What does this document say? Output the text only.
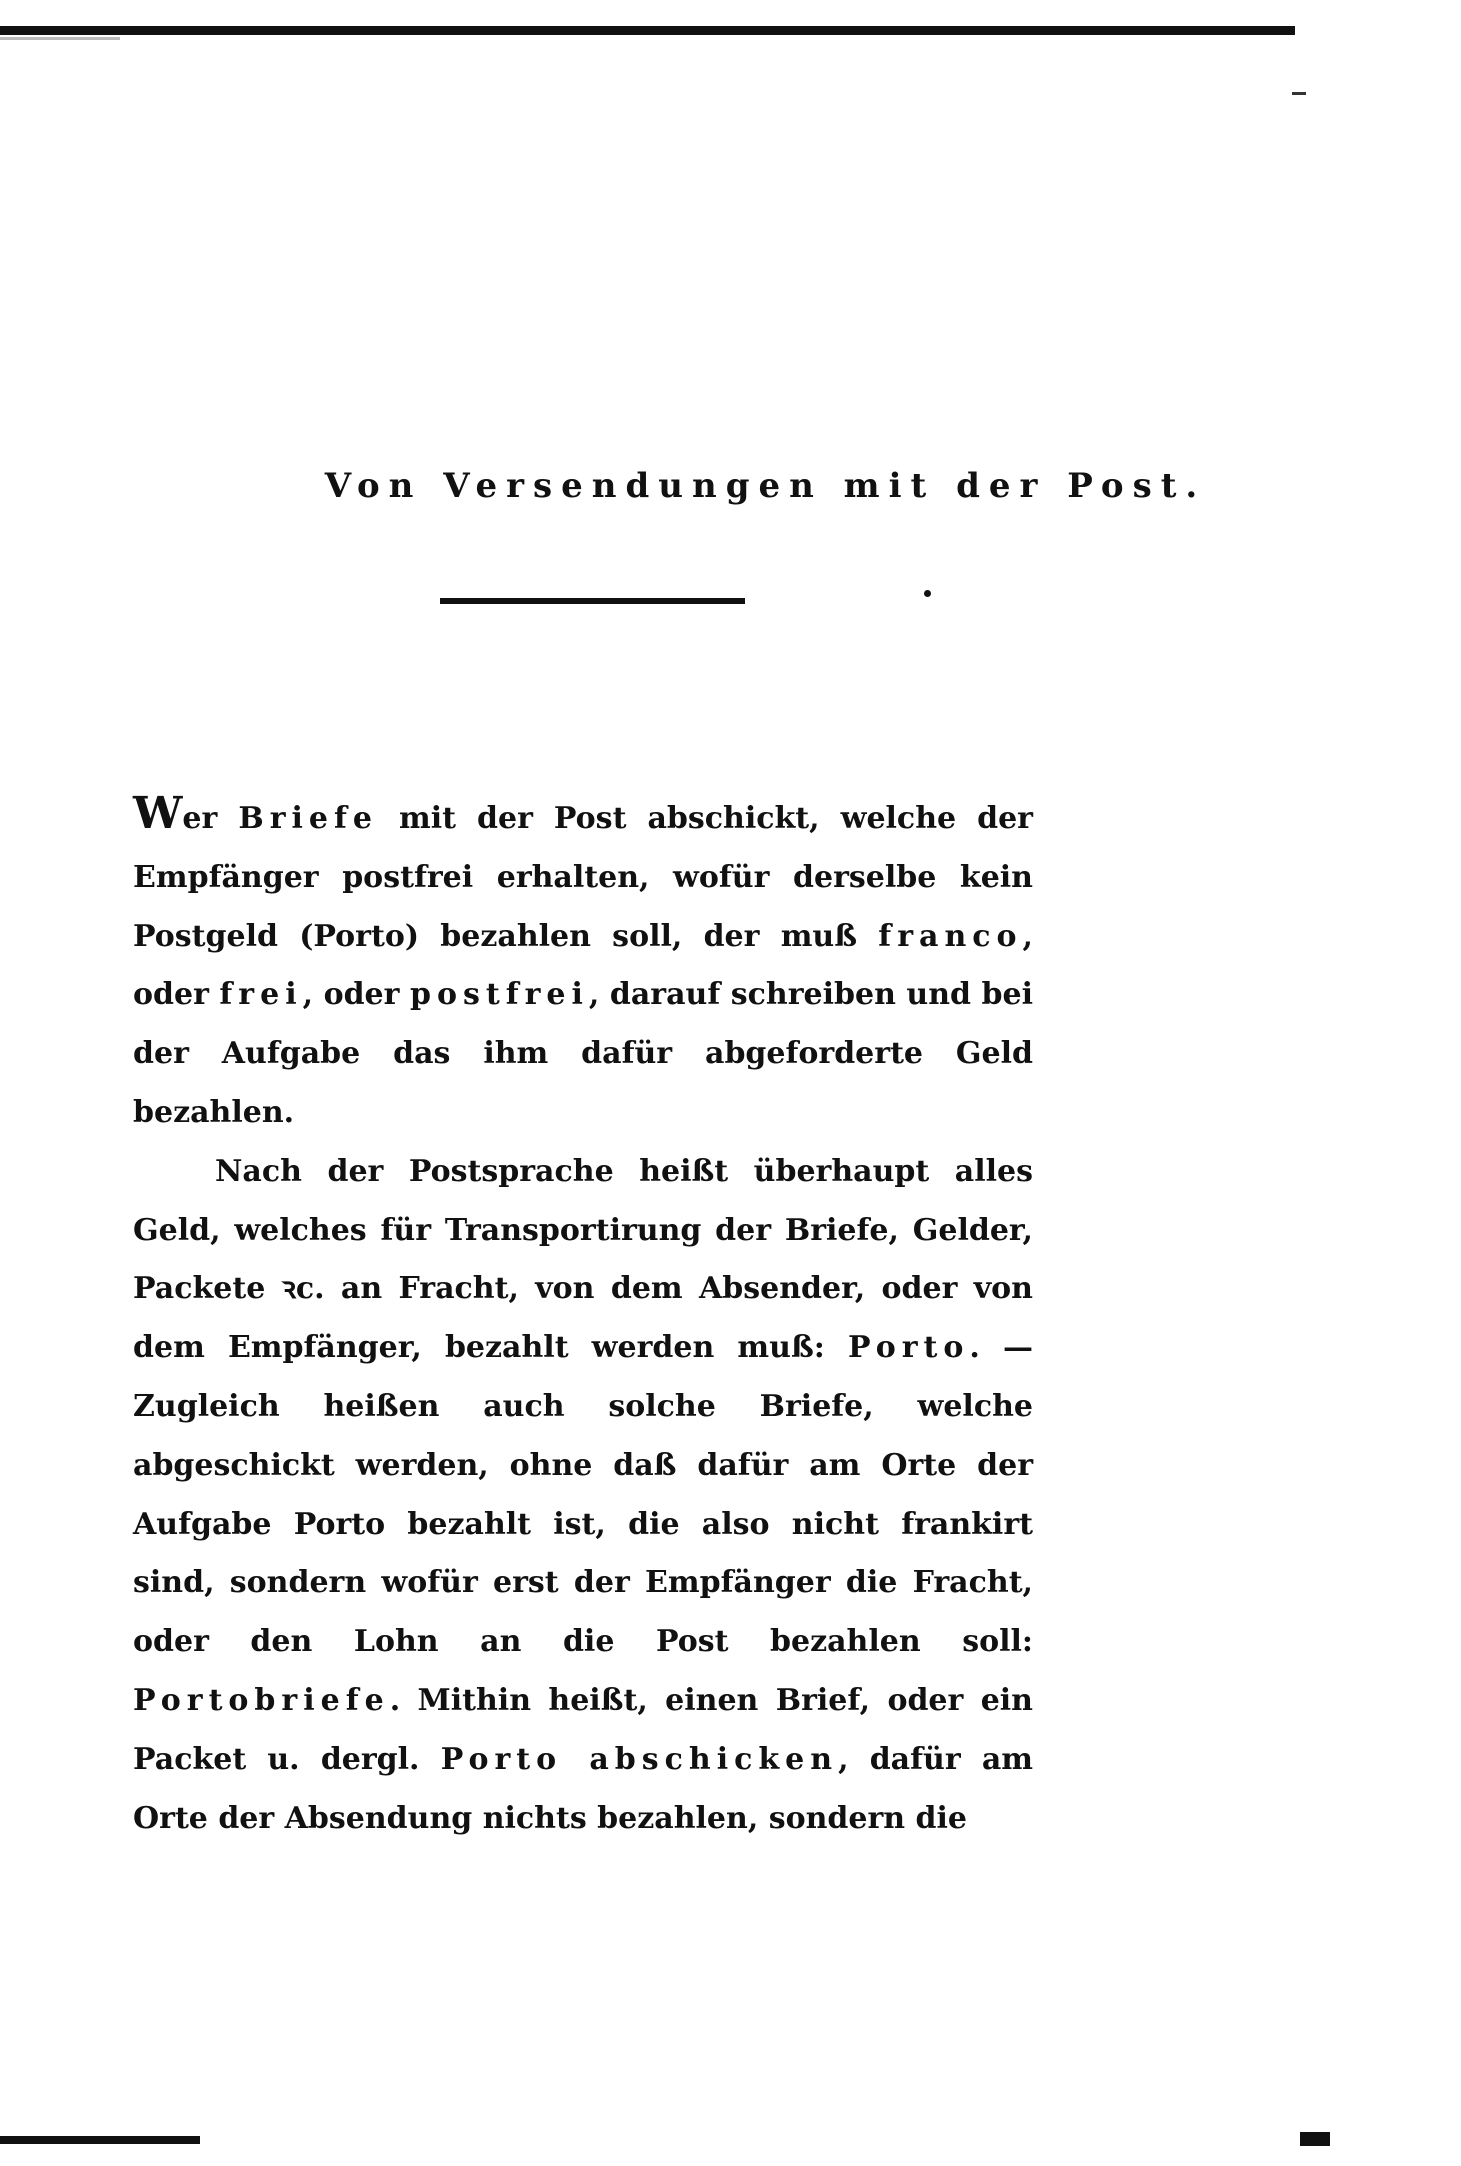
Von Versendungen mit der Post.

Wer Briefe mit der Post abschickt, welche der Empfänger postfrei erhalten, wofür derselbe kein Postgeld (Porto) bezahlen soll, der muß franco, oder frei, oder postfrei, darauf schreiben und bei der Aufgabe das ihm dafür abgeforderte Geld bezahlen.

Nach der Postsprache heißt überhaupt alles Geld, welches für Transportirung der Briefe, Gelder, Packete ꝛc. an Fracht, von dem Absender, oder von dem Empfänger, bezahlt werden muß: Porto. — Zugleich heißen auch solche Briefe, welche abgeschickt werden, ohne daß dafür am Orte der Aufgabe Porto bezahlt ist, die also nicht frankirt sind, sondern wofür erst der Empfänger die Fracht, oder den Lohn an die Post bezahlen soll: Portobriefe. Mithin heißt, einen Brief, oder ein Packet u. dergl. Porto abschicken, dafür am Orte der Absendung nichts bezahlen, sondern die
